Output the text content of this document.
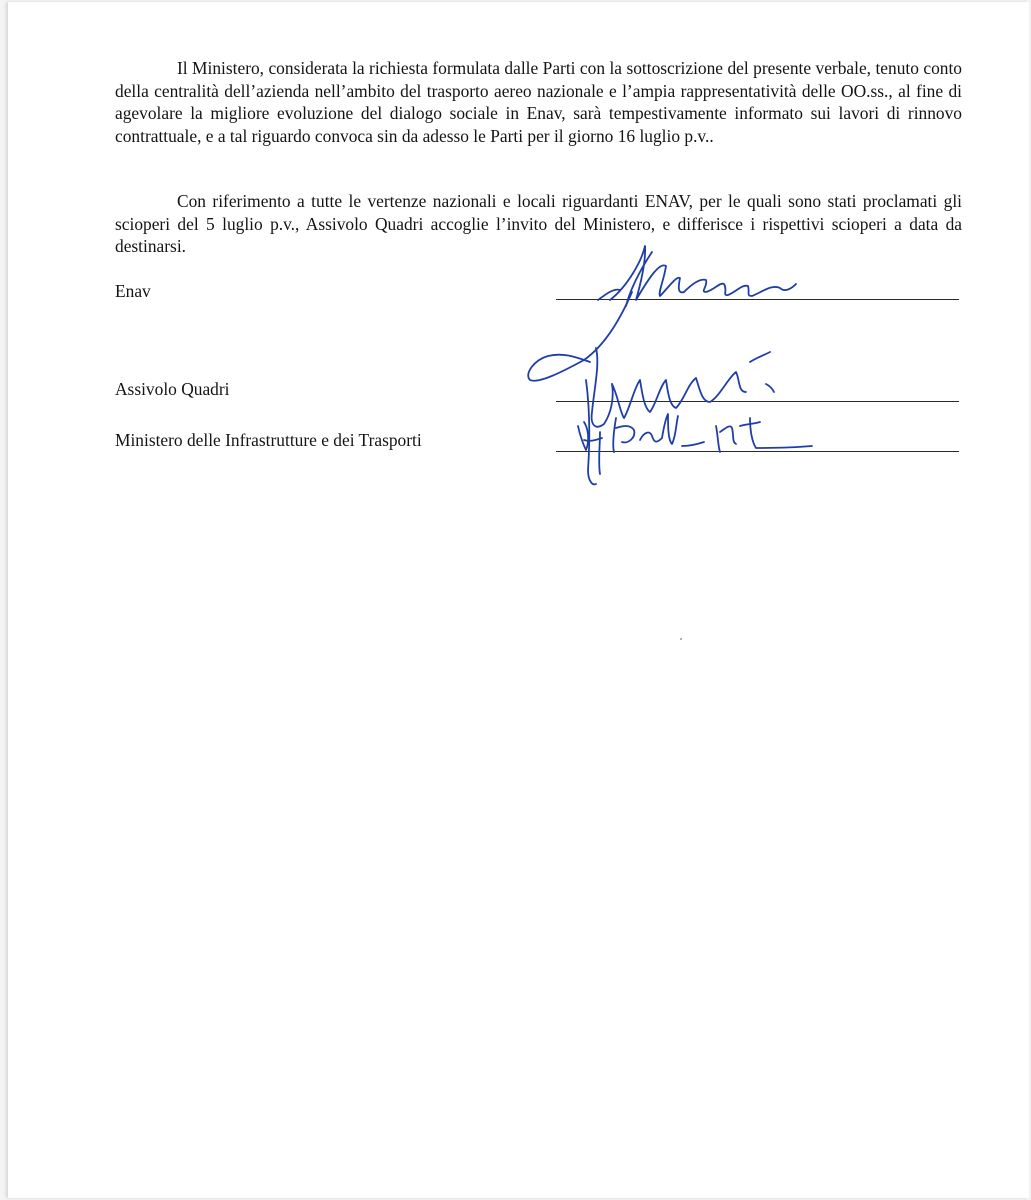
Il Ministero, considerata la richiesta formulata dalle Parti con la sottoscrizione del presente verbale, tenuto conto della centralità dell’azienda nell’ambito del trasporto aereo nazionale e l’ampia rappresentatività delle OO.ss., al fine di agevolare la migliore evoluzione del dialogo sociale in Enav, sarà tempestivamente informato sui lavori di rinnovo contrattuale, e a tal riguardo convoca sin da adesso le Parti per il giorno 16 luglio p.v..

Con riferimento a tutte le vertenze nazionali e locali riguardanti ENAV, per le quali sono stati proclamati gli scioperi del 5 luglio p.v., Assivolo Quadri accoglie l’invito del Ministero, e differisce i rispettivi scioperi a data da destinarsi.

Enav
Assivolo Quadri
Ministero delle Infrastrutture e dei Trasporti
